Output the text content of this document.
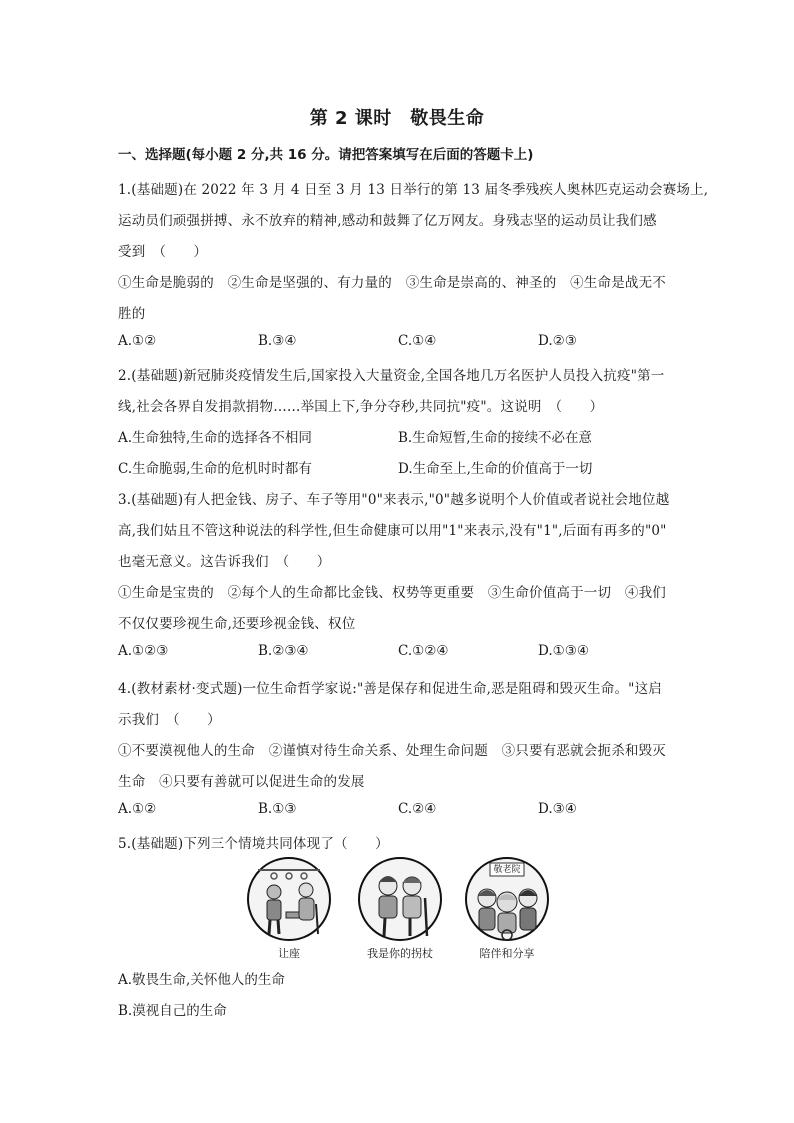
第 2 课时　敬畏生命
一、选择题(每小题 2 分,共 16 分。请把答案填写在后面的答题卡上)
1.(基础题)在 2022 年 3 月 4 日至 3 月 13 日举行的第 13 届冬季残疾人奥林匹克运动会赛场上,
运动员们顽强拼搏、永不放弃的精神,感动和鼓舞了亿万网友。身残志坚的运动员让我们感
受到　（　　）
①生命是脆弱的　②生命是坚强的、有力量的　③生命是崇高的、神圣的　④生命是战无不
胜的
A.①②	B.③④	C.①④	D.②③
2.(基础题)新冠肺炎疫情发生后,国家投入大量资金,全国各地几万名医护人员投入抗疫"第一
线,社会各界自发捐款捐物……举国上下,争分夺秒,共同抗"疫"。这说明　（　　）
A.生命独特,生命的选择各不相同	B.生命短暂,生命的接续不必在意
C.生命脆弱,生命的危机时时都有	D.生命至上,生命的价值高于一切
3.(基础题)有人把金钱、房子、车子等用"0"来表示,"0"越多说明个人价值或者说社会地位越
高,我们姑且不管这种说法的科学性,但生命健康可以用"1"来表示,没有"1",后面有再多的"0"
也毫无意义。这告诉我们　（　　）
①生命是宝贵的　②每个人的生命都比金钱、权势等更重要　③生命价值高于一切　④我们
不仅仅要珍视生命,还要珍视金钱、权位
A.①②③	B.②③④	C.①②④	D.①③④
4.(教材素材·变式题)一位生命哲学家说:"善是保存和促进生命,恶是阻碍和毁灭生命。"这启
示我们　（　　）
①不要漠视他人的生命　②谨慎对待生命关系、处理生命问题　③只要有恶就会扼杀和毁灭
生命　④只要有善就可以促进生命的发展
A.①②	B.①③	C.②④	D.③④
5.(基础题)下列三个情境共同体现了（　　）
让座	我是你的拐杖
敬老院
陪伴和分享
A.敬畏生命,关怀他人的生命
B.漠视自己的生命
